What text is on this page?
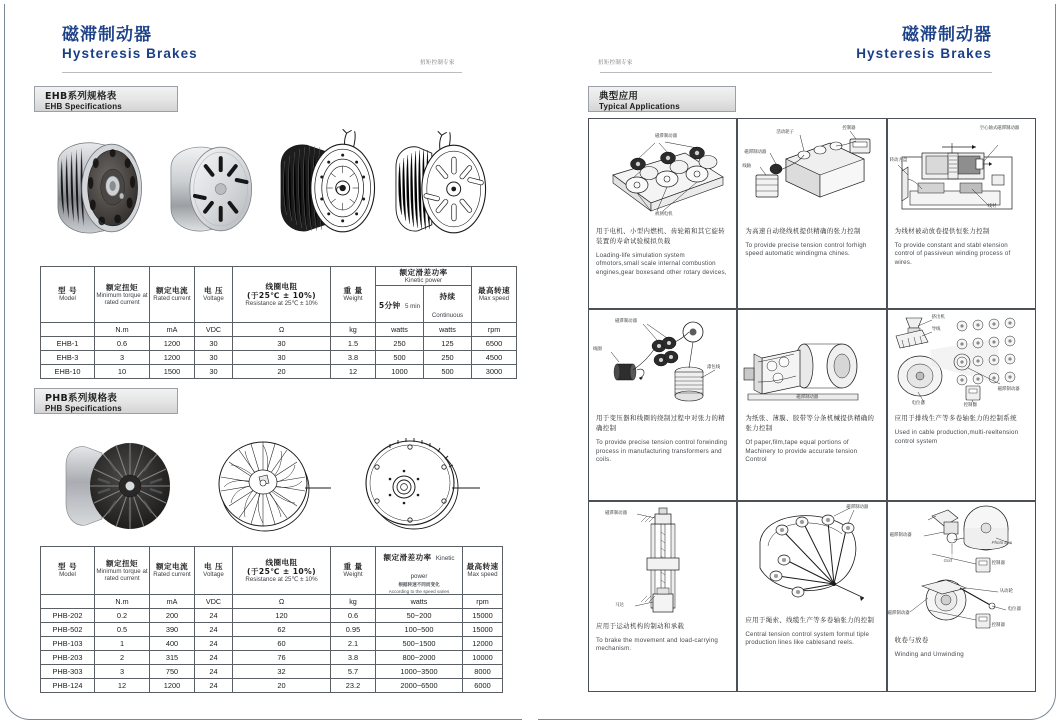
磁滞制动器
Hysteresis Brakes
扭矩控制专家
磁滞制动器
Hysteresis Brakes
扭矩控制专家
EHB系列规格表
EHB Specifications
型 号
Model

额定扭矩
Minimum torque at rated current

额定电流
Rated current

电 压
Voltage

线圈电阻
(于25℃ ± 10%)
Resistance at 25℃ ± 10%

重 量
Weight

额定滑差功率
Kinetic power

最高转速
Max speed

						5分钟 5 min	持续 Continuous	
	N.m	mA	VDC	Ω	kg	watts	watts	rpm
EHB-1	0.6	1200	30	30	1.5	250	125	6500
EHB-3	3	1200	30	30	3.8	500	250	4500
EHB-10	10	1500	30	20	12	1000	500	3000
PHB系列规格表
PHB Specifications
型 号
Model

额定扭矩
Minimum torque at rated current

额定电流
Rated current

电 压
Voltage

线圈电阻
(于25℃ ± 10%)
Resistance at 25℃ ± 10%

重 量
Weight

额定滑差功率 Kinetic power
根据转速不同而变化
According to the speed varies

最高转速
Max speed

	N.m	mA	VDC	Ω	kg	watts	rpm
PHB-202	0.2	200	24	120	0.6	50~200	15000
PHB-502	0.5	390	24	62	0.95	100~500	15000
PHB-103	1	400	24	60	2.1	500~1500	12000
PHB-203	2	315	24	76	3.8	800~2000	10000
PHB-303	3	750	24	32	5.7	1000~3500	8000
PHB-124	12	1200	24	20	23.2	2000~6500	6000
典型应用
Typical Applications
磁滞制动器
被测电机
用于电机、小型内燃机、齿轮箱和其它旋转装置的寿命试验模拟负载
Loading-life simulation system ofmotors,small scale internal combustion engines,gear boxesand other rotary devices,
活动轮子
控制器
磁滞制动器
线轴
为高速自动绕线机提供精确的张力控制
To provide precise tension control forhigh speed automatic windingma chines.
空心轴式磁滞制动器
转动方盘
线材
为线材被动放卷提供恒张力控制
To provide constant and stabl etension control of passiveun winding process of wires.
磁滞制动器
线圈
漆包线
用于变压器和线圈的绕制过程中对张力的精确控制
To provide precise tension control forwinding process in manufacturing transformers and coils.
磁滞制动器
为纸张、薄膜、胶带等分条机械提供精确的张力控制
Of paper,film,tape equal portions of Machinery to provide accurate tension Control
挤出机
导线
电位器	控制器
磁滞制动器
应用于排线生产等多卷轴张力的控制系统
Used in cable production,multi-reeltension control system
磁滞制动器
马达
应用于运动机构的制动和承载
To brake the movement and load-carrying mechanism.
磁滞制动器
应用于绳索、线缆生产等多卷轴张力的控制
Central tension control system formul tiple production lines like cablesand reels.
磁滞制动器
Photo Eye
Grid
控制器
从动轮
电位器
磁滞制动器
控制器
收卷与放卷
Winding and Unwinding
